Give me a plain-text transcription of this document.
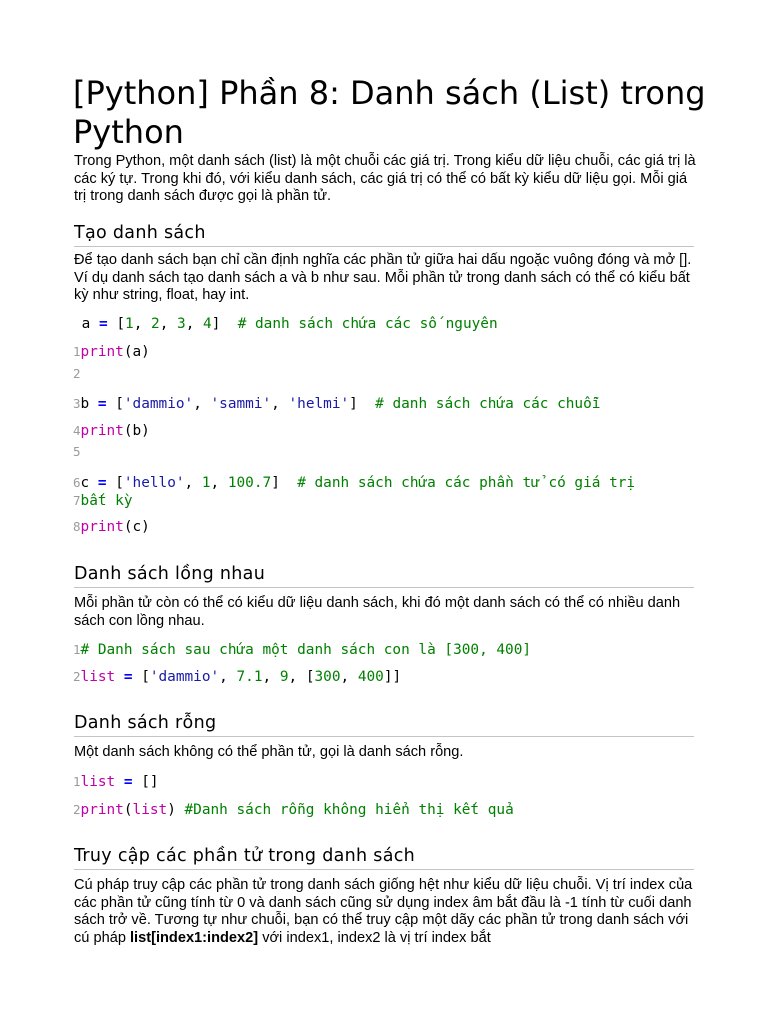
[Python] Phần 8: Danh sách (List) trong Python

Trong Python, một danh sách (list) là một chuỗi các giá trị. Trong kiểu dữ liệu chuỗi, các giá trị là các ký tự. Trong khi đó, với kiểu danh sách, các giá trị có thể có bất kỳ kiểu dữ liệu gọi. Mỗi giá trị trong danh sách được gọi là phần tử.

Tạo danh sách

Để tạo danh sách bạn chỉ cần định nghĩa các phần tử giữa hai dấu ngoặc vuông đóng và mở []. Ví dụ danh sách tạo danh sách a và b như sau. Mỗi phần tử trong danh sách có thể có kiểu bất kỳ như string, float, hay int.

a = [1, 2, 3, 4]  # danh sách chứa các số nguyên
1print(a)
2
3b = ['dammio', 'sammi', 'helmi']  # danh sách chứa các chuỗi
4print(b)
5
6c = ['hello', 1, 100.7]  # danh sách chứa các phần tử có giá trị
7bất kỳ
8print(c)
Danh sách lồng nhau

Mỗi phần tử còn có thể có kiểu dữ liệu danh sách, khi đó một danh sách có thể có nhiều danh sách con lồng nhau.

1# Danh sách sau chứa một danh sách con là [300, 400]
2list = ['dammio', 7.1, 9, [300, 400]]
Danh sách rỗng

Một danh sách không có thể phần tử, gọi là danh sách rỗng.

1list = []
2print(list) #Danh sách rỗng không hiển thị kết quả
Truy cập các phần tử trong danh sách

Cú pháp truy cập các phần tử trong danh sách giống hệt như kiểu dữ liệu chuỗi. Vị trí index của các phần tử cũng tính từ 0 và danh sách cũng sử dụng index âm bắt đầu là -1 tính từ cuối danh sách trở về. Tương tự như chuỗi, bạn có thể truy cập một dãy các phần tử trong danh sách với cú pháp list[index1:index2] với index1, index2 là vị trí index bắt
